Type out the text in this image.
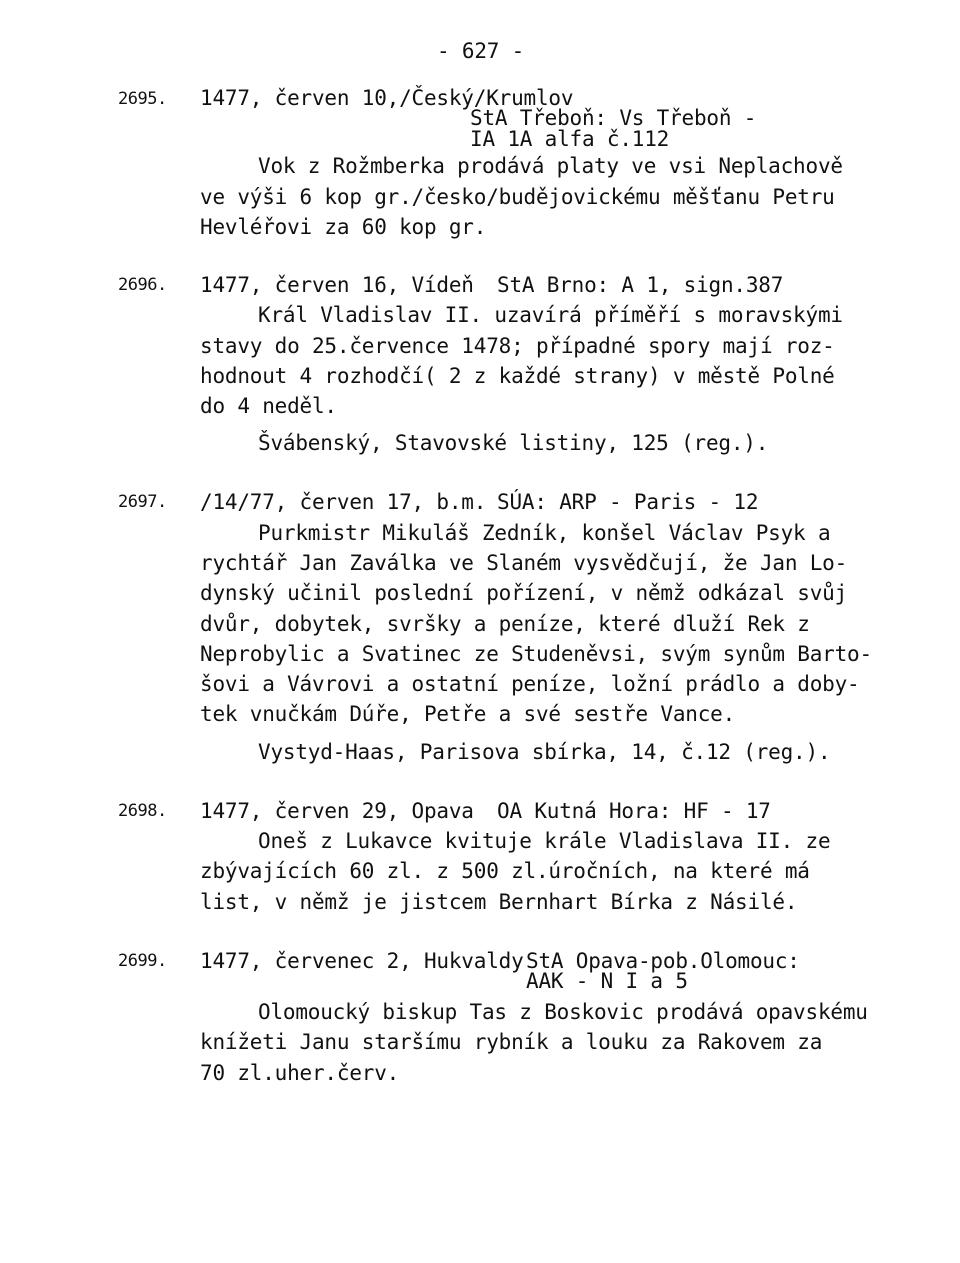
- 627 -
2695. 1477, červen 10,/Český/Krumlov
StA Třeboň: Vs Třeboň -
IA 1A alfa č.112
Vok z Rožmberka prodává platy ve vsi Neplachově
ve výši 6 kop gr./česko/budějovickému měšťanu Petru
Hevléřovi za 60 kop gr.
2696. 1477, červen 16, Vídeň StA Brno: A 1, sign.387
Král Vladislav II. uzavírá příměří s moravskými
stavy do 25.července 1478; případné spory mají roz-
hodnout 4 rozhodčí( 2 z každé strany) v městě Polné
do 4 neděl.
Švábenský, Stavovské listiny, 125 (reg.).
2697. /14/77, červen 17, b.m. SÚA: ARP - Paris - 12
Purkmistr Mikuláš Zedník, konšel Václav Psyk a
rychtář Jan Zaválka ve Slaném vysvědčují, že Jan Lo-
dynský učinil poslední pořízení, v němž odkázal svůj
dvůr, dobytek, svršky a peníze, které dluží Rek z
Neprobylic a Svatinec ze Studeněvsi, svým synům Barto-
šovi a Vávrovi a ostatní peníze, ložní prádlo a doby-
tek vnučkám Dúře, Petře a své sestře Vance.
Vystyd-Haas, Parisova sbírka, 14, č.12 (reg.).
2698. 1477, červen 29, Opava OA Kutná Hora: HF - 17
Oneš z Lukavce kvituje krále Vladislava II. ze
zbývajících 60 zl. z 500 zl.úročních, na které má
list, v němž je jistcem Bernhart Bírka z Násilé.
2699. 1477, červenec 2, Hukvaldy StA Opava-pob.Olomouc:
AAK - N I a 5
Olomoucký biskup Tas z Boskovic prodává opavskému
knížeti Janu staršímu rybník a louku za Rakovem za
70 zl.uher.červ.
